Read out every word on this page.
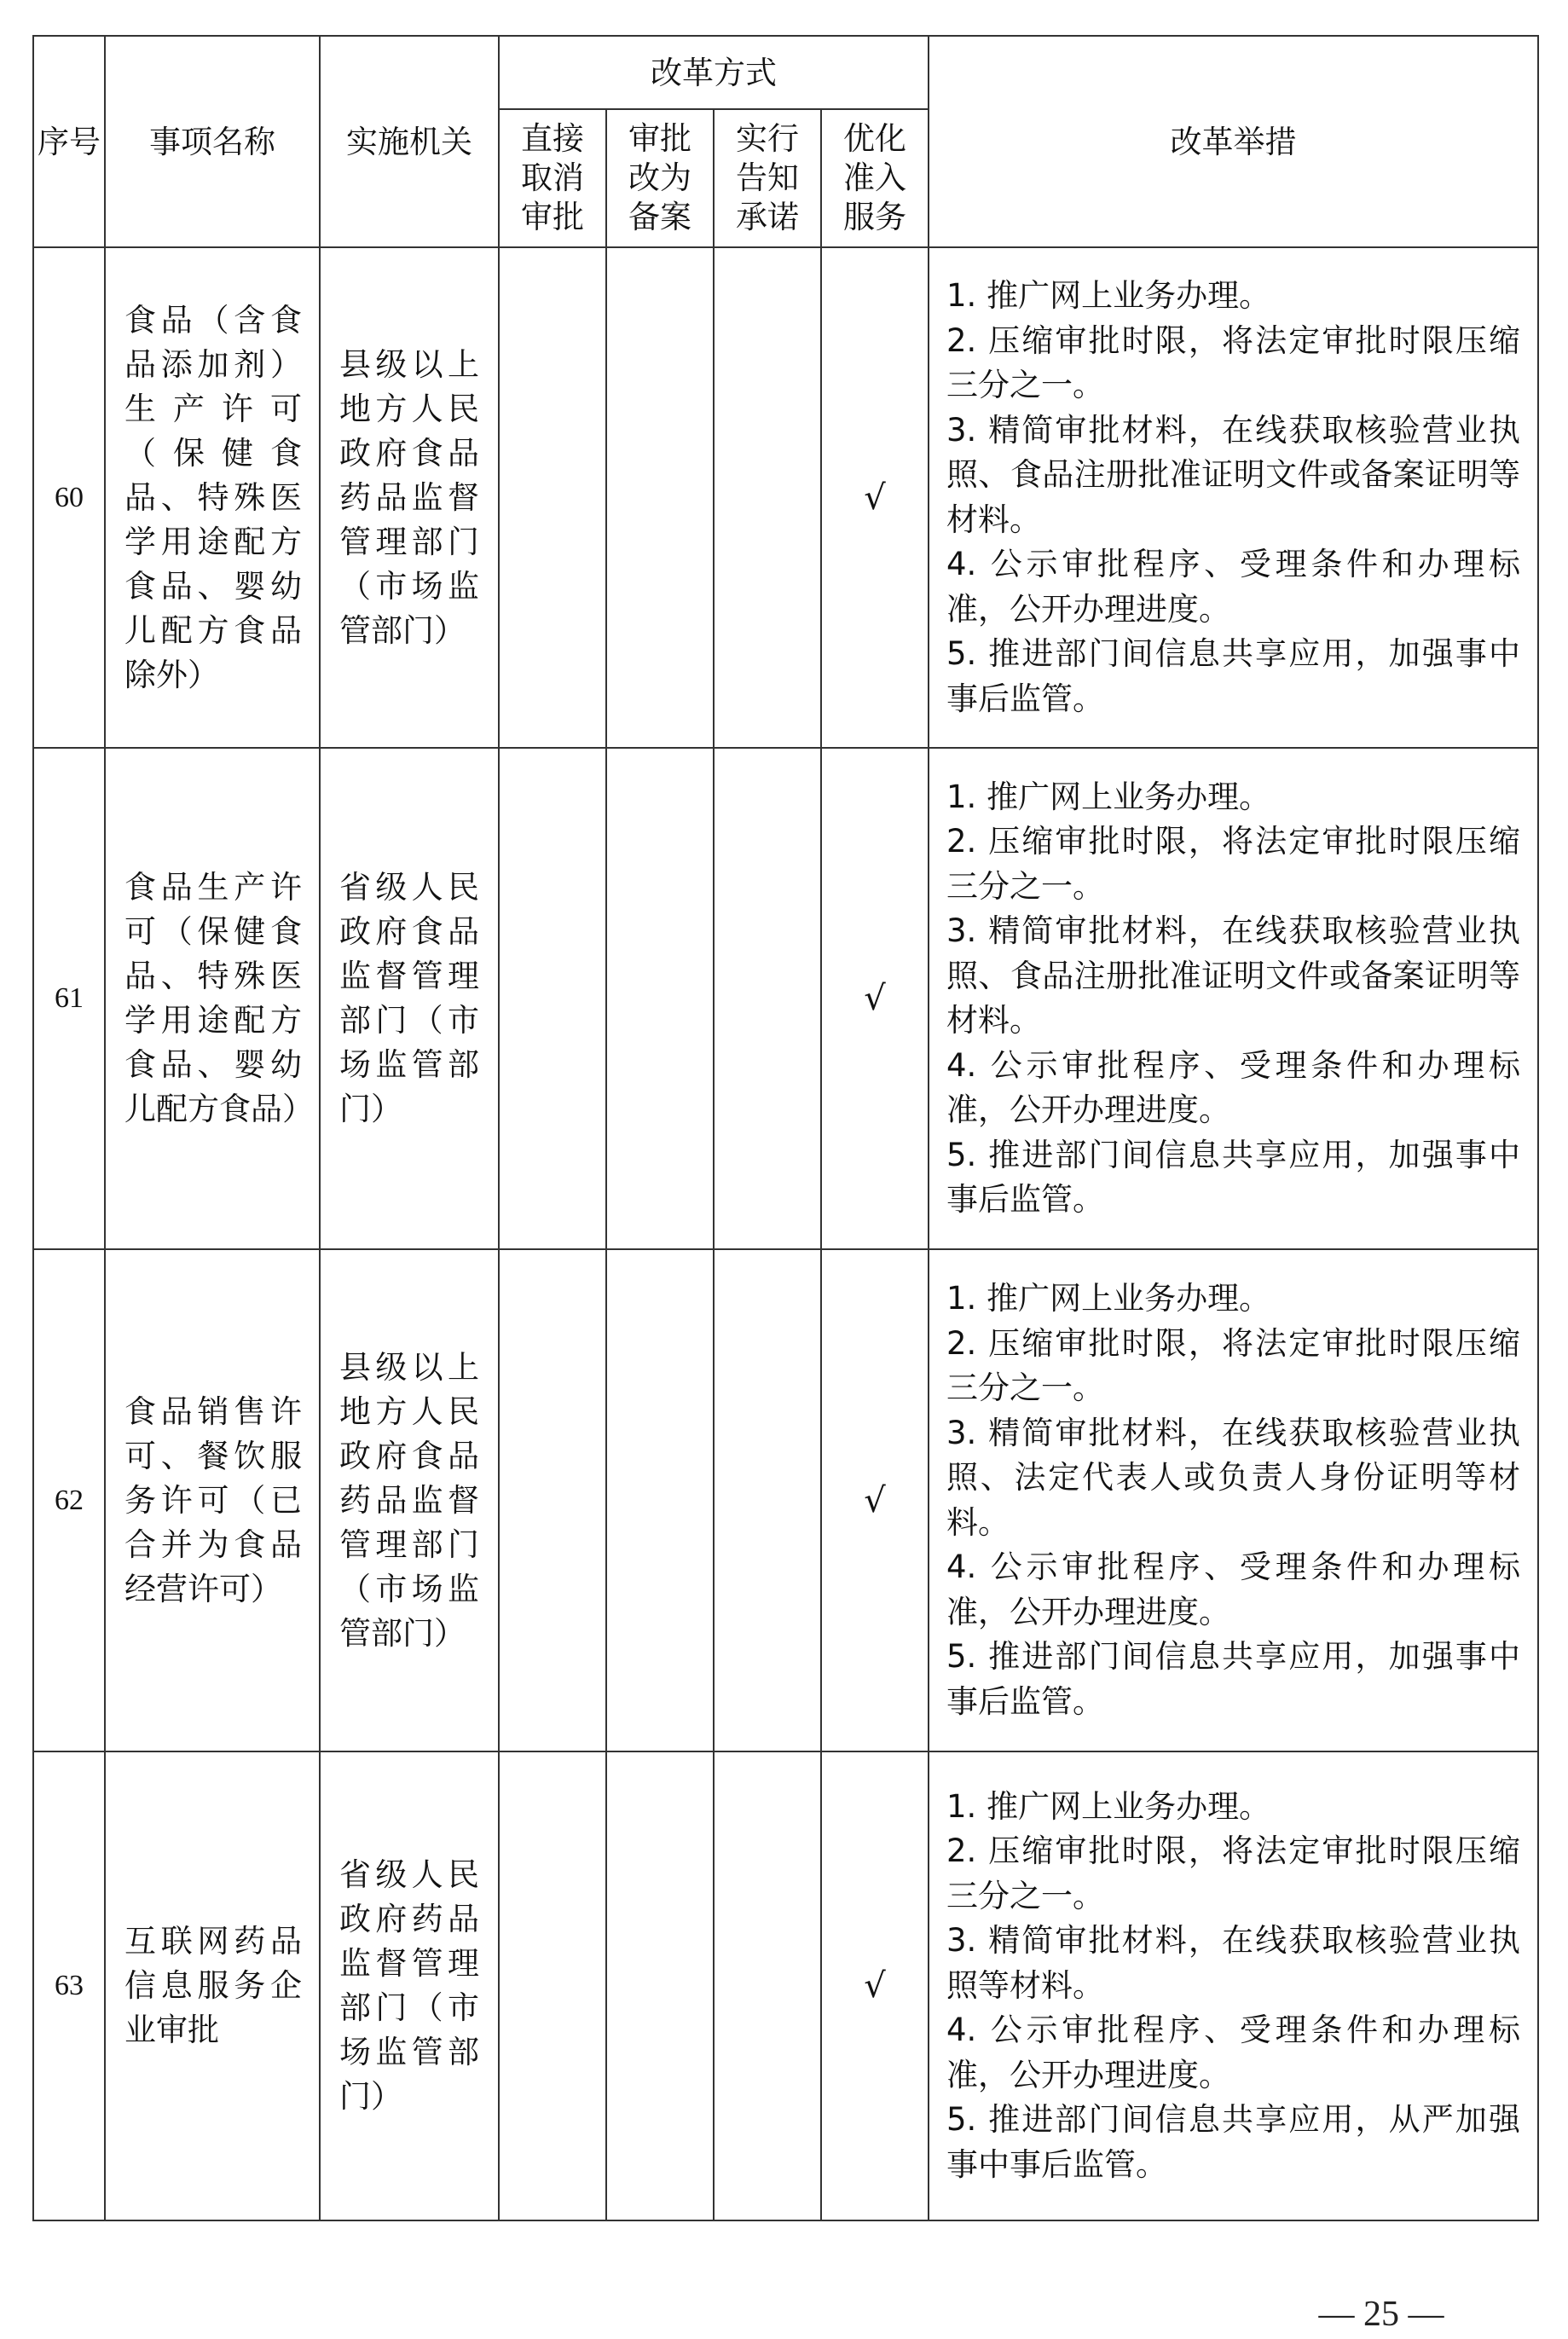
序号	事项名称	实施机关	改革方式				改革举措

			直接
取消
审批	审批
改为
备案	实行
告知
承诺	优化
准入
服务	

60	食品（含食品添加剂）生产许可（保健食品、特殊医学用途配方食品、婴幼儿配方食品除外）	县级以上地方人民政府食品药品监督管理部门（市场监管部门）				√	1. 推广网上业务办理。
2. 压缩审批时限，将法定审批时限压缩三分之一。
3. 精简审批材料，在线获取核验营业执照、食品注册批准证明文件或备案证明等材料。
4. 公示审批程序、受理条件和办理标准，公开办理进度。
5. 推进部门间信息共享应用，加强事中事后监管。

61	食品生产许可（保健食品、特殊医学用途配方食品、婴幼儿配方食品）	省级人民政府食品监督管理部门（市场监管部门）				√	1. 推广网上业务办理。
2. 压缩审批时限，将法定审批时限压缩三分之一。
3. 精简审批材料，在线获取核验营业执照、食品注册批准证明文件或备案证明等材料。
4. 公示审批程序、受理条件和办理标准，公开办理进度。
5. 推进部门间信息共享应用，加强事中事后监管。

62	食品销售许可、餐饮服务许可（已合并为食品经营许可）	县级以上地方人民政府食品药品监督管理部门（市场监管部门）				√	1. 推广网上业务办理。
2. 压缩审批时限，将法定审批时限压缩三分之一。
3. 精简审批材料，在线获取核验营业执照、法定代表人或负责人身份证明等材料。
4. 公示审批程序、受理条件和办理标准，公开办理进度。
5. 推进部门间信息共享应用，加强事中事后监管。

63	互联网药品信息服务企业审批	省级人民政府药品监督管理部门（市场监管部门）				√	1. 推广网上业务办理。
2. 压缩审批时限，将法定审批时限压缩三分之一。
3. 精简审批材料，在线获取核验营业执照等材料。
4. 公示审批程序、受理条件和办理标准，公开办理进度。
5. 推进部门间信息共享应用，从严加强事中事后监管。
— 25 —
